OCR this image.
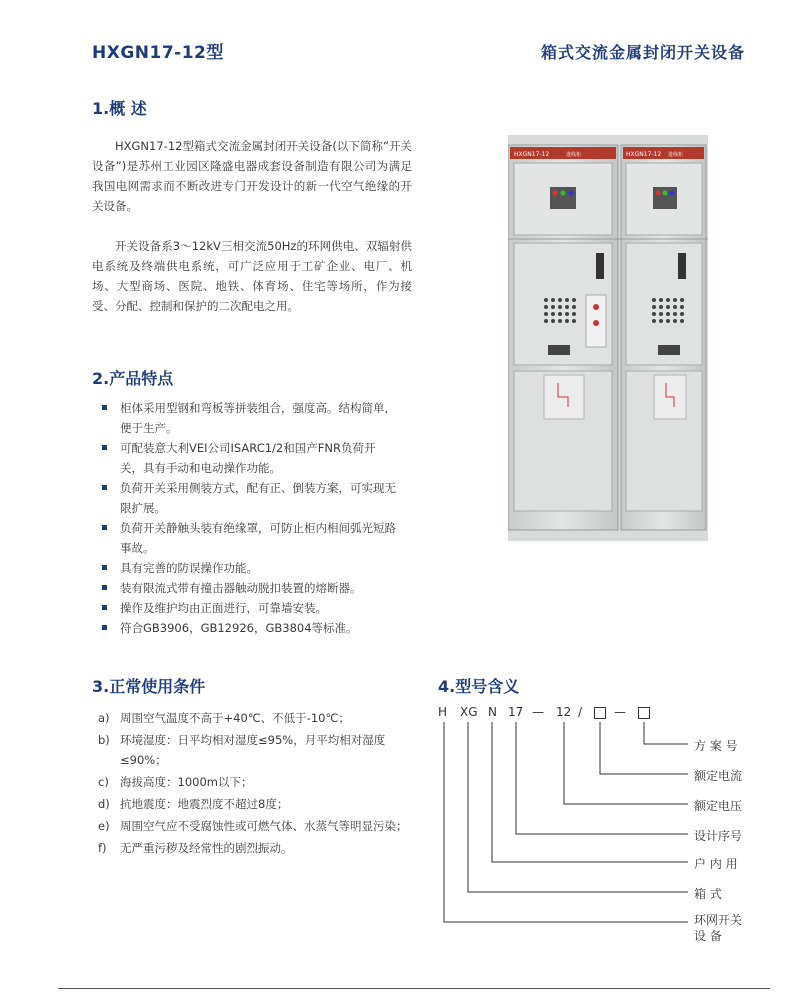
HXGN17-12型	箱式交流金属封闭开关设备
1.概 述

HXGN17-12型箱式交流金属封闭开关设备(以下简称“开关设备”)是苏州工业园区隆盛电器成套设备制造有限公司为满足我国电网需求而不断改进专门开发设计的新一代空气绝缘的开关设备。

开关设备系3～12kV三相交流50Hz的环网供电、双辐射供电系统及终端供电系统，可广泛应用于工矿企业、电厂、机场、大型商场、医院、地铁、体育场、住宅等场所，作为接受、分配、控制和保护的二次配电之用。

HXGN17-12	HXGN17-12
进线柜	进线柜
2.产品特点
柜体采用型钢和弯板等拼装组合，强度高。结构简单，便于生产。
可配装意大利VEI公司ISARC1/2和国产FNR负荷开关，具有手动和电动操作功能。
负荷开关采用侧装方式，配有正、倒装方案，可实现无限扩展。
负荷开关静触头装有绝缘罩，可防止柜内相间弧光短路事故。
具有完善的防误操作功能。
装有限流式带有撞击器触动脱扣装置的熔断器。
操作及维护均由正面进行，可靠墙安装。
符合GB3906，GB12926，GB3804等标准。
3.正常使用条件
a) 周围空气温度不高于+40℃、不低于-10℃；
b) 环境湿度：日平均相对湿度≤95%，月平均相对湿度≤90%；
c) 海拔高度：1000m以下；
d) 抗地震度：地震烈度不超过8度；
e) 周围空气应不受腐蚀性或可燃气体、水蒸气等明显污染；
f) 无严重污秽及经常性的剧烈振动。
4.型号含义
H XG N 17 — 12 /	—
方 案 号
额定电流
额定电压
设计序号
户 内 用
箱 式
环网开关
设 备
